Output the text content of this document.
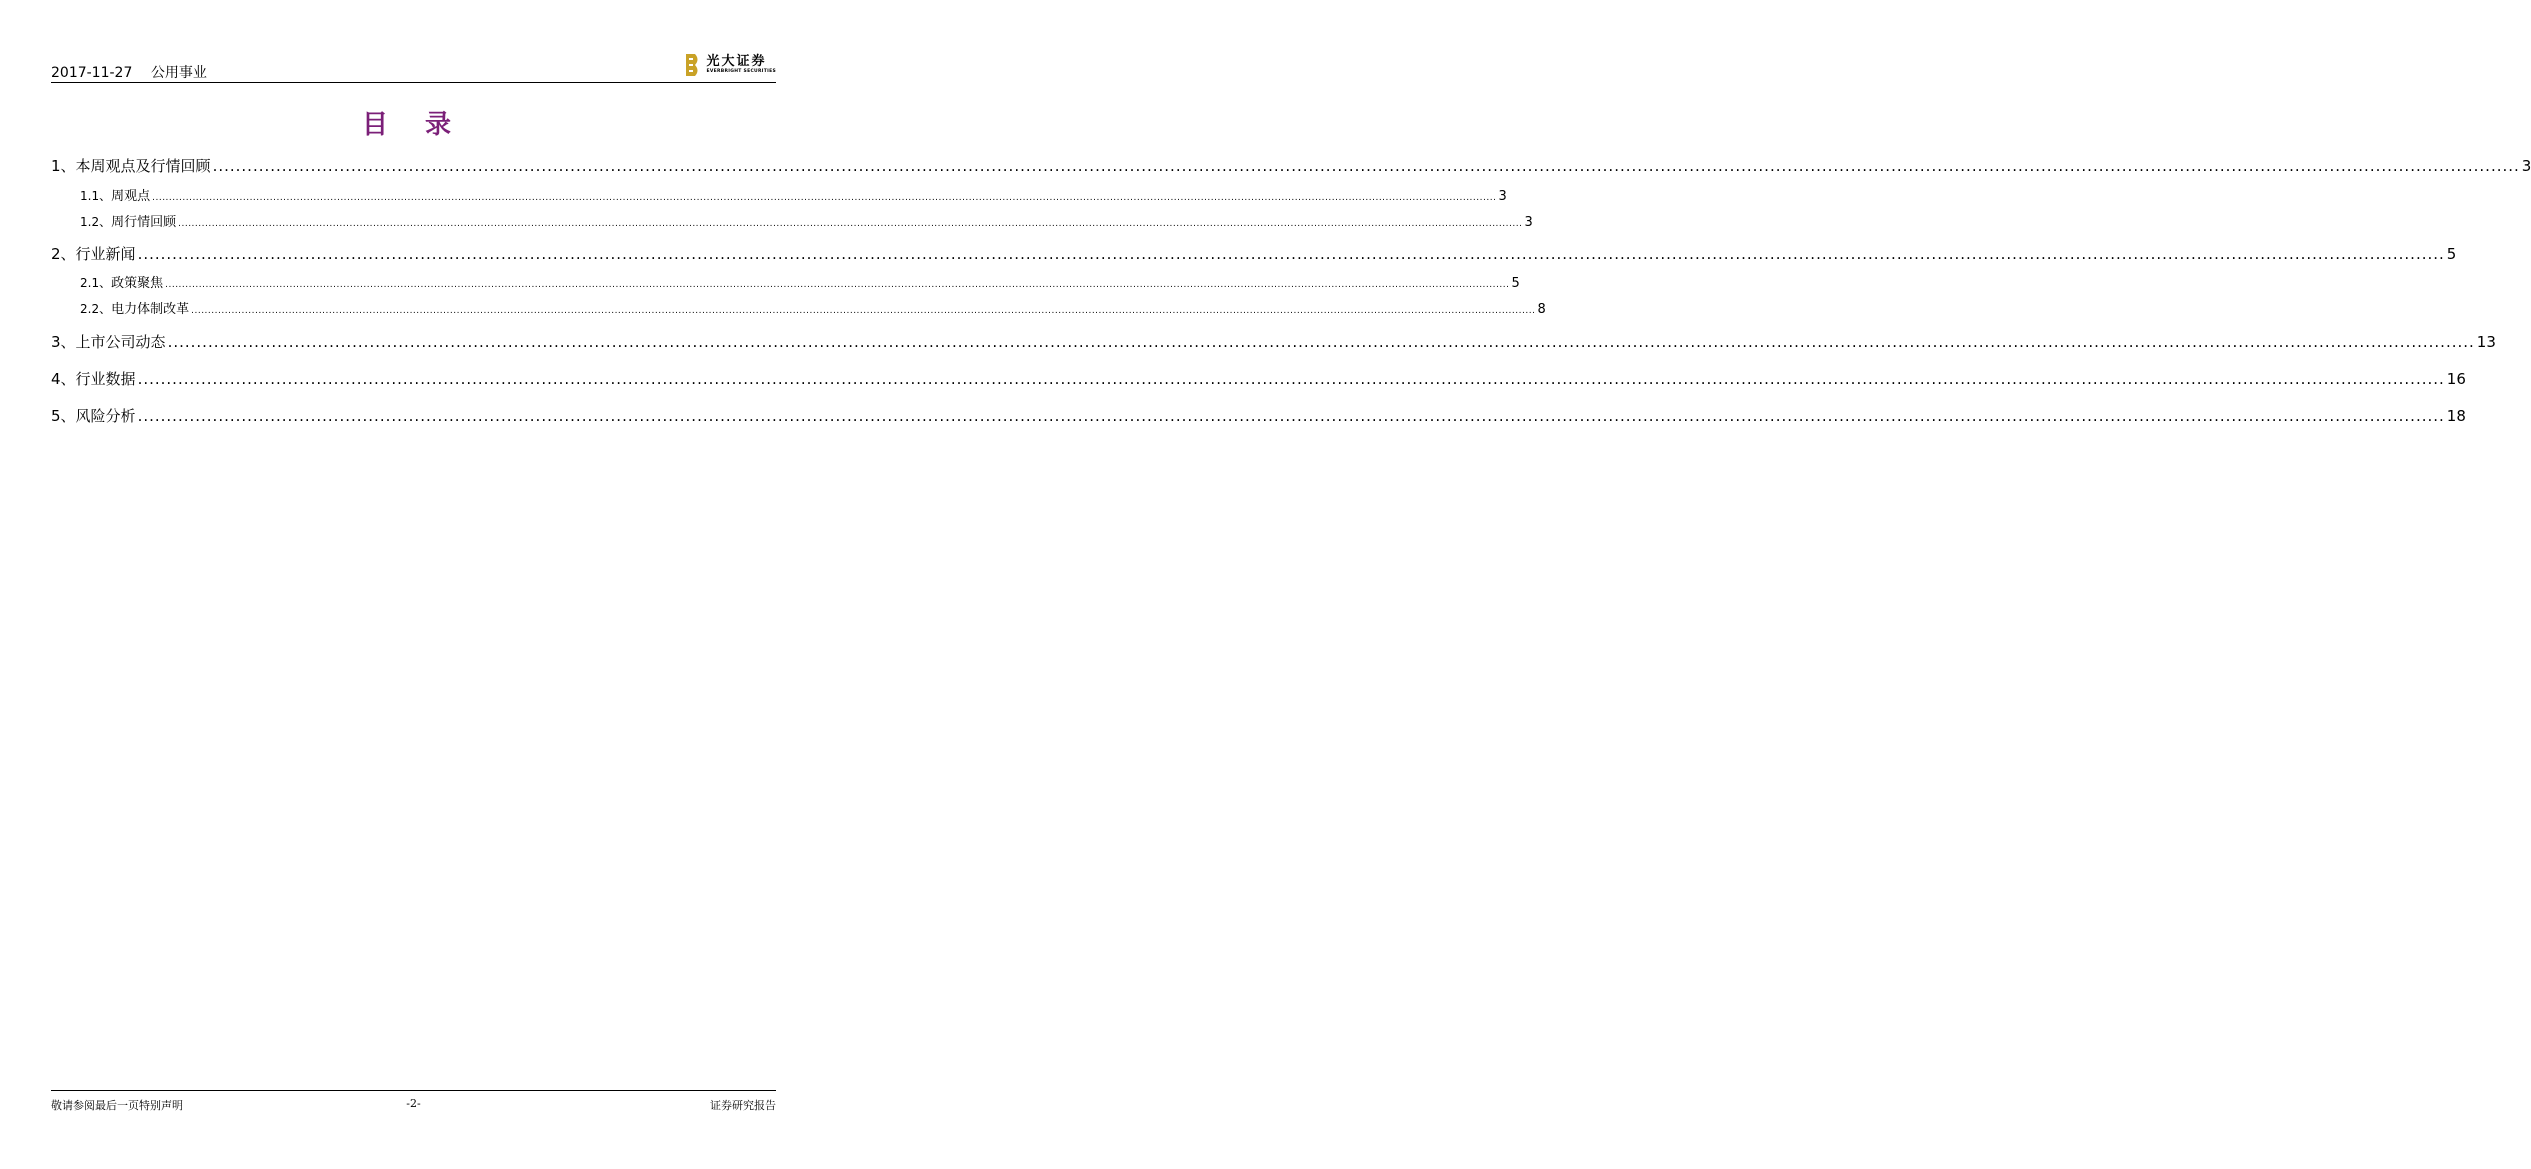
2017-11-27 公用事业
光大证券
EVERBRIGHT SECURITIES
目 录
1、 本周观点及行情回顾 ................................................................................................................................................................................................................................................................................................................................................................................................................ 3
1.1、 周观点 ................................................................................................................................................................................................................................................................................................................................................................................................................ 3
1.2、 周行情回顾 ................................................................................................................................................................................................................................................................................................................................................................................................................ 3
2、 行业新闻 ................................................................................................................................................................................................................................................................................................................................................................................................................ 5
2.1、 政策聚焦 ................................................................................................................................................................................................................................................................................................................................................................................................................ 5
2.2、 电力体制改革 ................................................................................................................................................................................................................................................................................................................................................................................................................ 8
3、 上市公司动态 ................................................................................................................................................................................................................................................................................................................................................................................................................ 13
4、 行业数据 ................................................................................................................................................................................................................................................................................................................................................................................................................ 16
5、 风险分析 ................................................................................................................................................................................................................................................................................................................................................................................................................ 18
敬请参阅最后一页特别声明	-2-	证券研究报告
